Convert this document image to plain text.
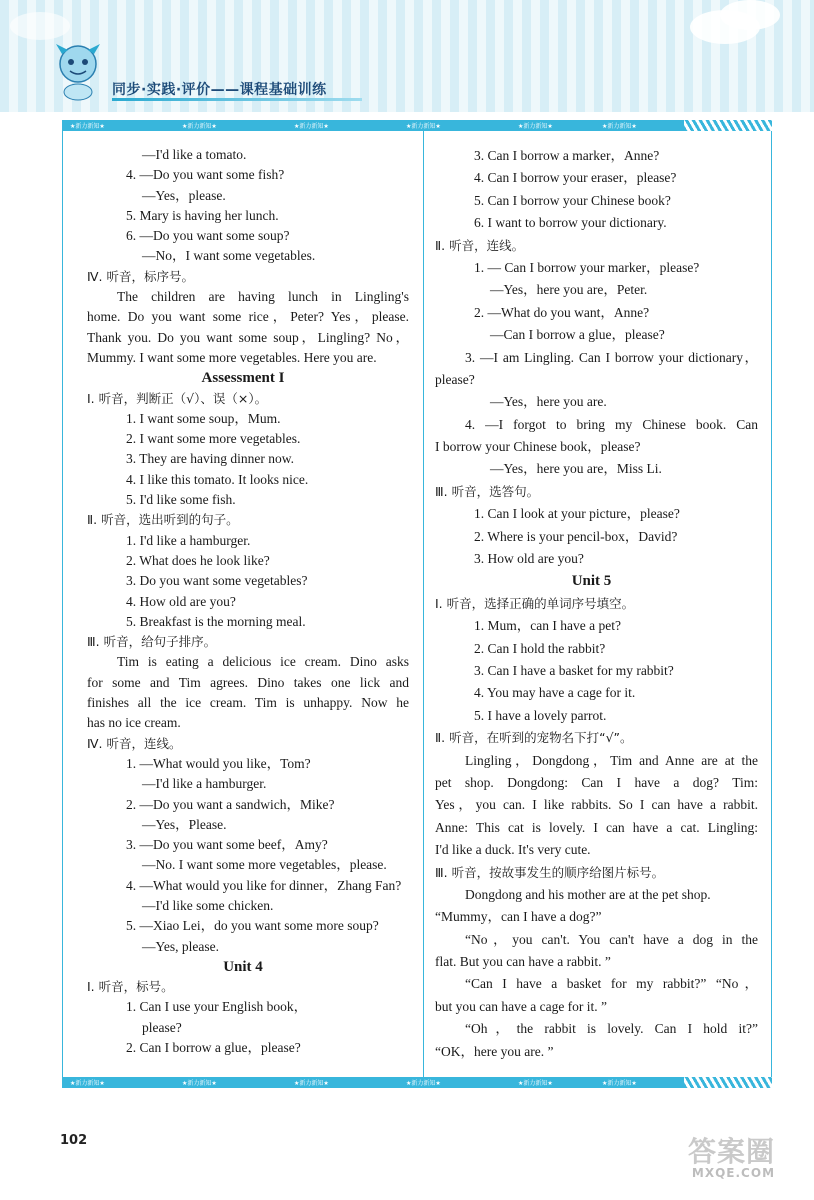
同步·实践·评价——课程基础训练
★新力新知★	★新力新知★	★新力新知★	★新力新知★	★新力新知★	★新力新知★
★新力新知★	★新力新知★	★新力新知★	★新力新知★	★新力新知★	★新力新知★
—I'd like a tomato.
4. —Do you want some fish?
—Yes，please.
5. Mary is having her lunch.
6. —Do you want some soup?
—No，I want some vegetables.
Ⅳ. 听音，标序号。
The children are having lunch in Lingling's
home. Do you want some rice，Peter? Yes，please.
Thank you. Do you want some soup，Lingling? No，
Mummy. I want some more vegetables. Here you are.
Assessment I
Ⅰ. 听音，判断正（√）、误（×）。
1. I want some soup，Mum.
2. I want some more vegetables.
3. They are having dinner now.
4. I like this tomato. It looks nice.
5. I'd like some fish.
Ⅱ. 听音，选出听到的句子。
1. I'd like a hamburger.
2. What does he look like?
3. Do you want some vegetables?
4. How old are you?
5. Breakfast is the morning meal.
Ⅲ. 听音，给句子排序。
Tim is eating a delicious ice cream. Dino asks
for some and Tim agrees. Dino takes one lick and
finishes all the ice cream. Tim is unhappy. Now he
has no ice cream.
Ⅳ. 听音，连线。
1. —What would you like，Tom?
—I'd like a hamburger.
2. —Do you want a sandwich，Mike?
—Yes，Please.
3. —Do you want some beef，Amy?
—No. I want some more vegetables，please.
4. —What would you like for dinner，Zhang Fan?
—I'd like some chicken.
5. —Xiao Lei，do you want some more soup?
—Yes, please.
Unit 4
Ⅰ. 听音，标号。
1. Can I use your English book，
please?
2. Can I borrow a glue，please?
3. Can I borrow a marker，Anne?
4. Can I borrow your eraser，please?
5. Can I borrow your Chinese book?
6. I want to borrow your dictionary.
Ⅱ. 听音，连线。
1. — Can I borrow your marker，please?
—Yes，here you are，Peter.
2. —What do you want，Anne?
—Can I borrow a glue，please?
3. —I am Lingling. Can I borrow your dictionary，
please?
—Yes，here you are.
4. —I forgot to bring my Chinese book. Can
I borrow your Chinese book，please?
—Yes，here you are，Miss Li.
Ⅲ. 听音，选答句。
1. Can I look at your picture，please?
2. Where is your pencil-box，David?
3. How old are you?
Unit 5
Ⅰ. 听音，选择正确的单词序号填空。
1. Mum，can I have a pet?
2. Can I hold the rabbit?
3. Can I have a basket for my rabbit?
4. You may have a cage for it.
5. I have a lovely parrot.
Ⅱ. 听音，在听到的宠物名下打“√”。
Lingling，Dongdong，Tim and Anne are at the
pet shop. Dongdong: Can I have a dog? Tim:
Yes，you can. I like rabbits. So I can have a rabbit.
Anne: This cat is lovely. I can have a cat. Lingling:
I'd like a duck. It's very cute.
Ⅲ. 听音，按故事发生的顺序给图片标号。
Dongdong and his mother are at the pet shop.
“Mummy，can I have a dog?”
“No，you can't. You can't have a dog in the
flat. But you can have a rabbit. ”
“Can I have a basket for my rabbit?” “No，
but you can have a cage for it. ”
“Oh，the rabbit is lovely. Can I hold it?”
“OK，here you are. ”
102	答案圈
MXQE.COM
